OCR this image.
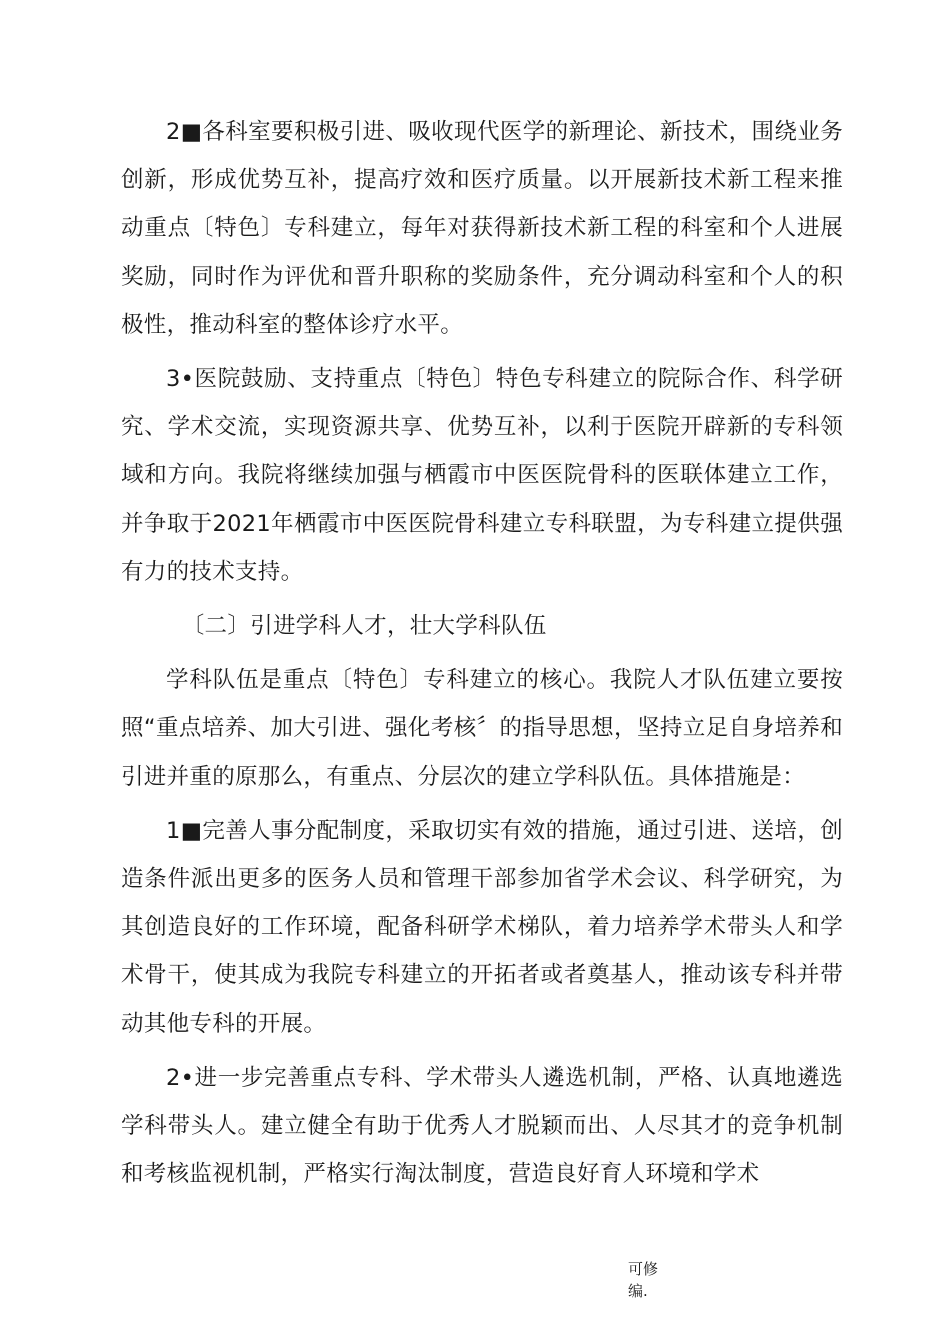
2■各科室要积极引进、吸收现代医学的新理论、新技术，围绕业务创新，形成优势互补，提高疗效和医疗质量。以开展新技术新工程来推动重点〔特色〕专科建立，每年对获得新技术新工程的科室和个人进展奖励，同时作为评优和晋升职称的奖励条件，充分调动科室和个人的积极性，推动科室的整体诊疗水平。

3•医院鼓励、支持重点〔特色〕特色专科建立的院际合作、科学研究、学术交流，实现资源共享、优势互补，以利于医院开辟新的专科领域和方向。我院将继续加强与栖霞市中医医院骨科的医联体建立工作，并争取于2021年栖霞市中医医院骨科建立专科联盟，为专科建立提供强有力的技术支持。

〔二〕引进学科人才，壮大学科队伍

学科队伍是重点〔特色〕专科建立的核心。我院人才队伍建立要按照“重点培养、加大引进、强化考核〞的指导思想，坚持立足自身培养和引进并重的原那么，有重点、分层次的建立学科队伍。具体措施是：

1■完善人事分配制度，采取切实有效的措施，通过引进、送培，创造条件派出更多的医务人员和管理干部参加省学术会议、科学研究，为其创造良好的工作环境，配备科研学术梯队，着力培养学术带头人和学术骨干，使其成为我院专科建立的开拓者或者奠基人，推动该专科并带动其他专科的开展。

2•进一步完善重点专科、学术带头人遴选机制，严格、认真地遴选学科带头人。建立健全有助于优秀人才脱颖而出、人尽其才的竞争机制和考核监视机制，严格实行淘汰制度，营造良好育人环境和学术

可修
编.
